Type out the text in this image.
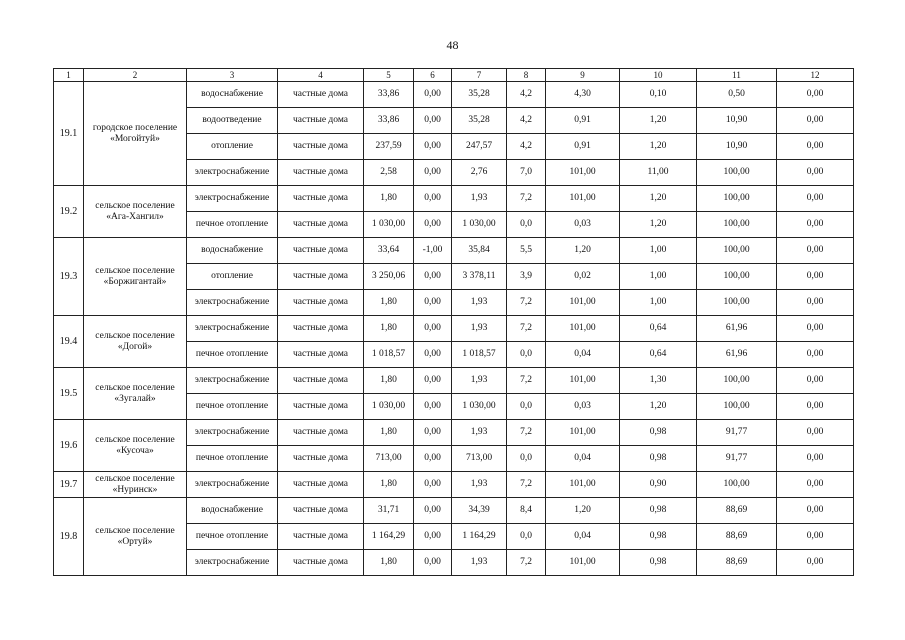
48
1	2	3	4	5	6	7	8	9	10	11	12
19.1	городское поселение «Могойтуй»	водоснабжение	частные дома	33,86	0,00	35,28	4,2	4,30	0,10	0,50	0,00
		водоотведение	частные дома	33,86	0,00	35,28	4,2	0,91	1,20	10,90	0,00
		отопление	частные дома	237,59	0,00	247,57	4,2	0,91	1,20	10,90	0,00
		электроснабжение	частные дома	2,58	0,00	2,76	7,0	101,00	11,00	100,00	0,00
19.2	сельское поселение «Ага-Хангил»	электроснабжение	частные дома	1,80	0,00	1,93	7,2	101,00	1,20	100,00	0,00
		печное отопление	частные дома	1 030,00	0,00	1 030,00	0,0	0,03	1,20	100,00	0,00
19.3	сельское поселение «Боржигантай»	водоснабжение	частные дома	33,64	-1,00	35,84	5,5	1,20	1,00	100,00	0,00
		отопление	частные дома	3 250,06	0,00	3 378,11	3,9	0,02	1,00	100,00	0,00
		электроснабжение	частные дома	1,80	0,00	1,93	7,2	101,00	1,00	100,00	0,00
19.4	сельское поселение «Догой»	электроснабжение	частные дома	1,80	0,00	1,93	7,2	101,00	0,64	61,96	0,00
		печное отопление	частные дома	1 018,57	0,00	1 018,57	0,0	0,04	0,64	61,96	0,00
19.5	сельское поселение «Зугалай»	электроснабжение	частные дома	1,80	0,00	1,93	7,2	101,00	1,30	100,00	0,00
		печное отопление	частные дома	1 030,00	0,00	1 030,00	0,0	0,03	1,20	100,00	0,00
19.6	сельское поселение «Кусоча»	электроснабжение	частные дома	1,80	0,00	1,93	7,2	101,00	0,98	91,77	0,00
		печное отопление	частные дома	713,00	0,00	713,00	0,0	0,04	0,98	91,77	0,00
19.7	сельское поселение «Нуринск»	электроснабжение	частные дома	1,80	0,00	1,93	7,2	101,00	0,90	100,00	0,00
19.8	сельское поселение «Ортуй»	водоснабжение	частные дома	31,71	0,00	34,39	8,4	1,20	0,98	88,69	0,00
		печное отопление	частные дома	1 164,29	0,00	1 164,29	0,0	0,04	0,98	88,69	0,00
		электроснабжение	частные дома	1,80	0,00	1,93	7,2	101,00	0,98	88,69	0,00
